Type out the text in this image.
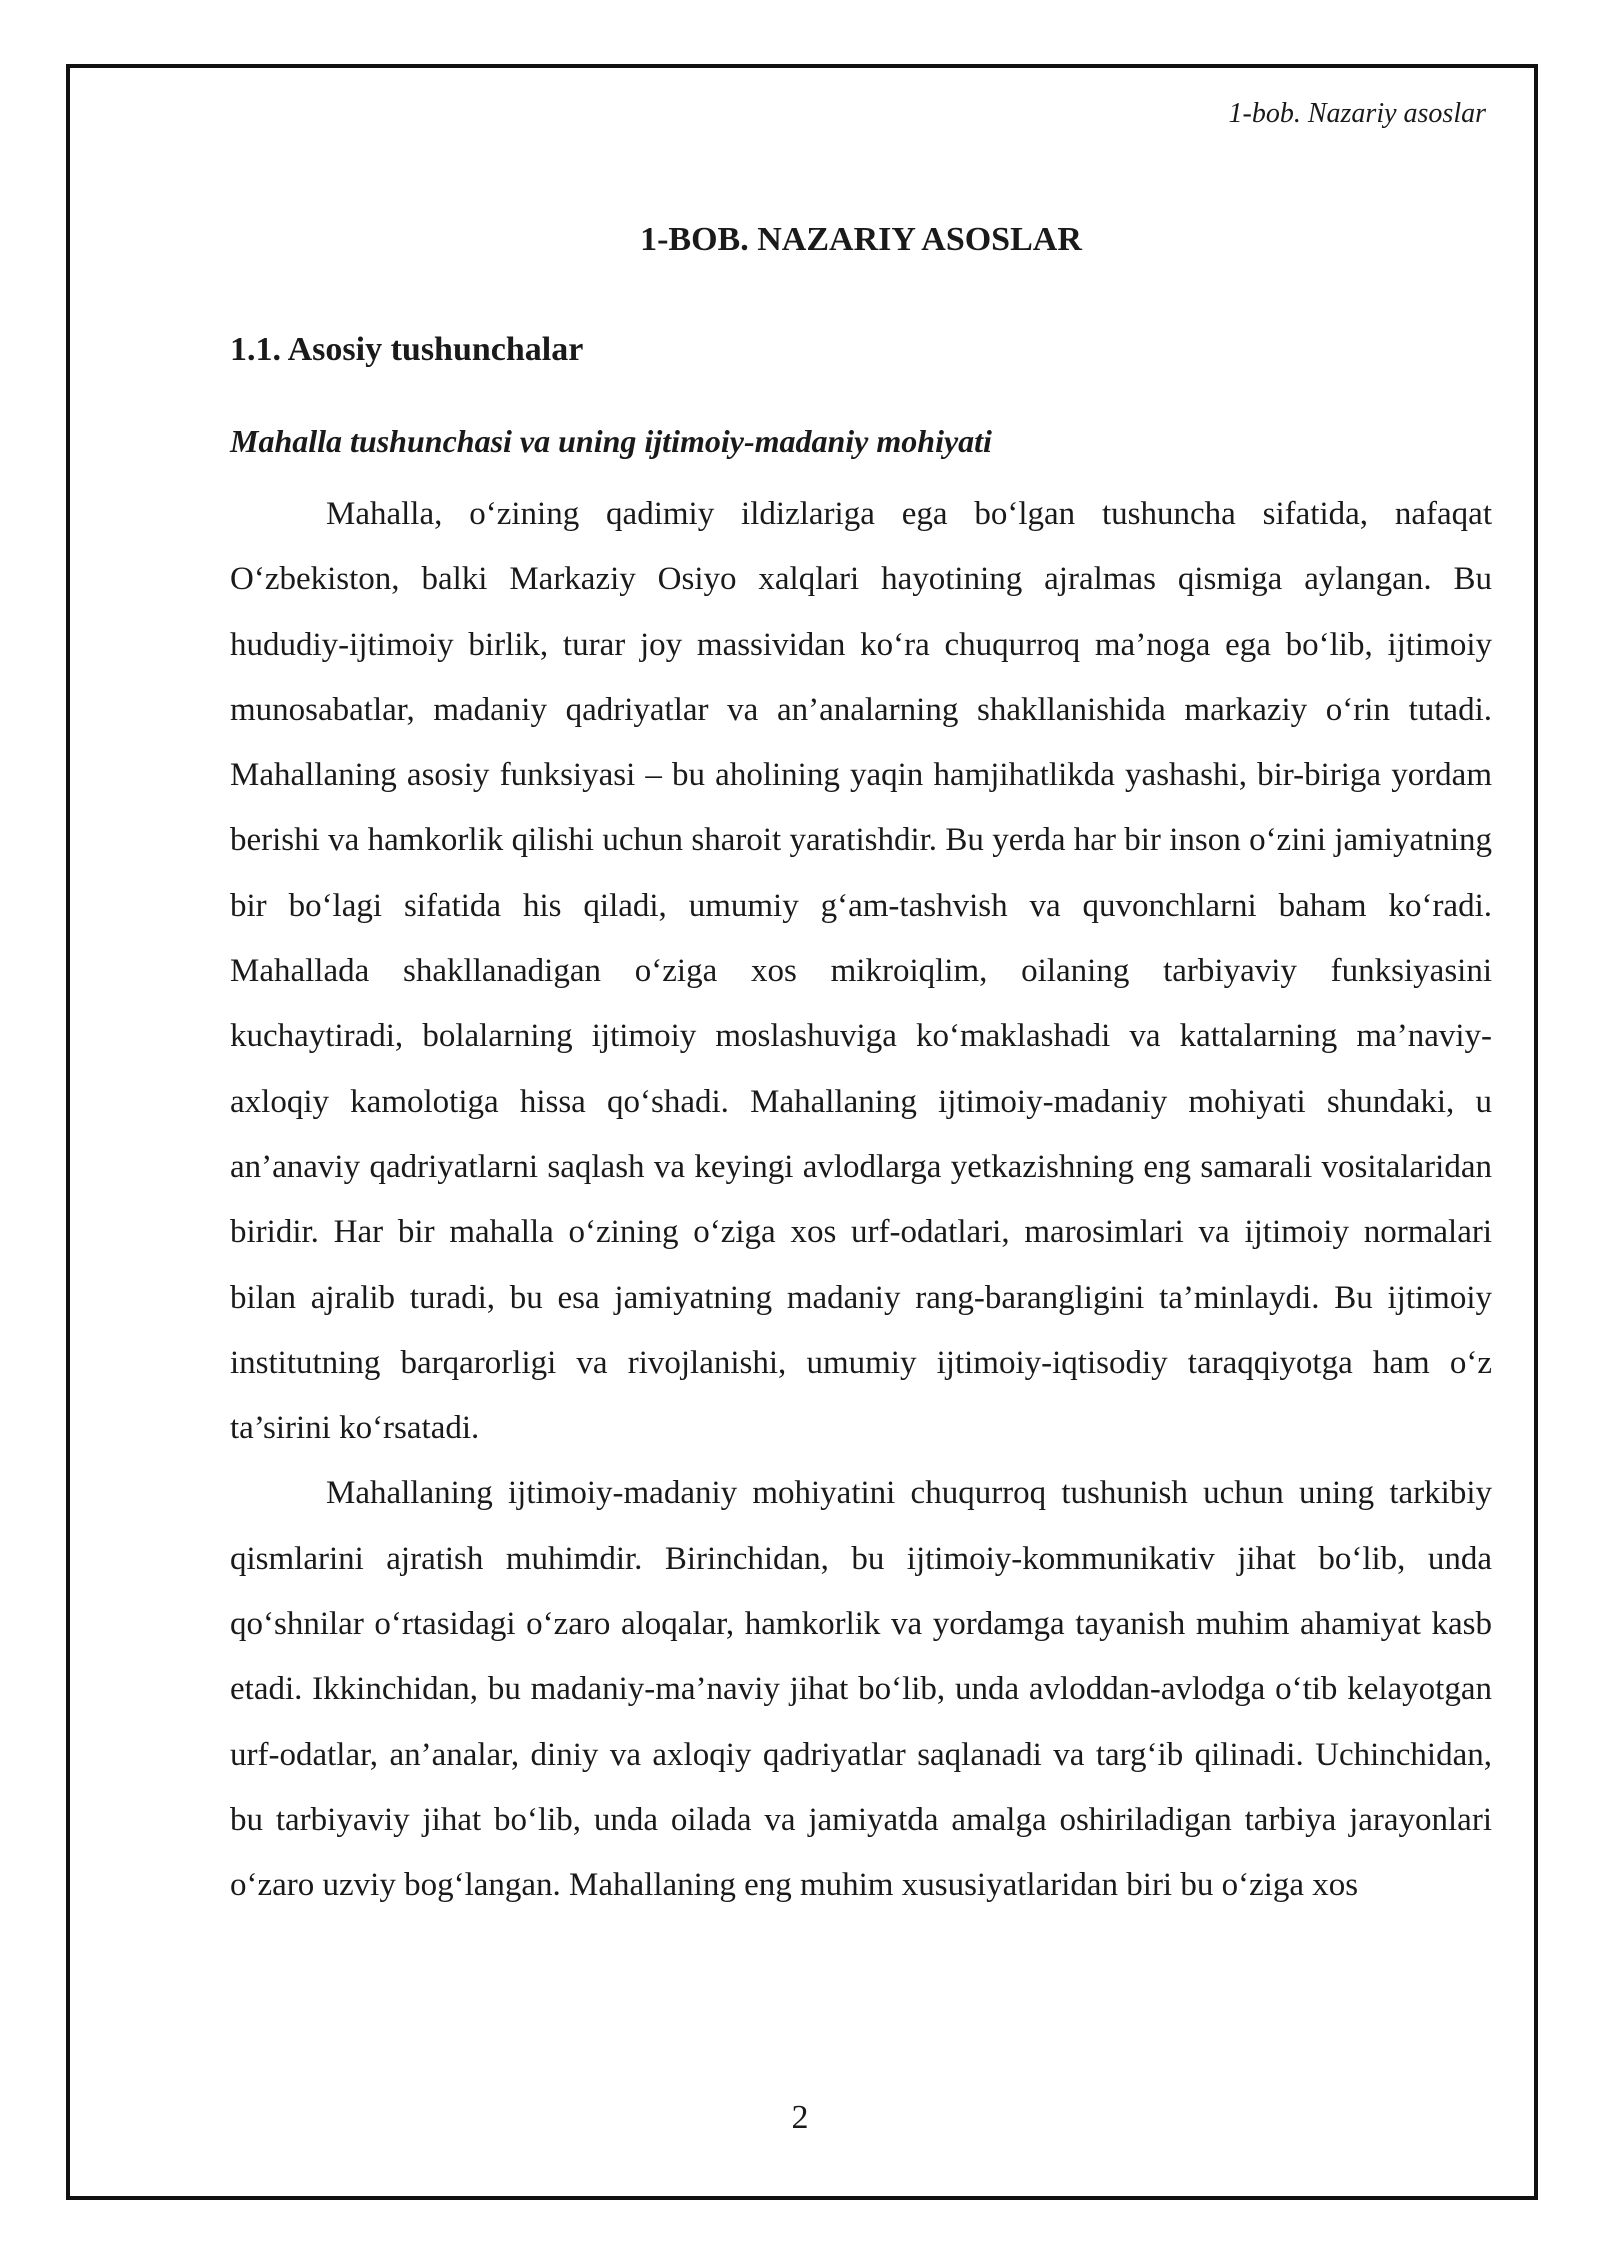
1-bob. Nazariy asoslar
1-BOB. NAZARIY ASOSLAR
1.1. Asosiy tushunchalar
Mahalla tushunchasi va uning ijtimoiy-madaniy mohiyati

Mahalla, o‘zining qadimiy ildizlariga ega bo‘lgan tushuncha sifatida, nafaqat O‘zbekiston, balki Markaziy Osiyo xalqlari hayotining ajralmas qismiga aylangan. Bu hududiy-ijtimoiy birlik, turar joy massividan ko‘ra chuqurroq ma’noga ega bo‘lib, ijtimoiy munosabatlar, madaniy qadriyatlar va an’analarning shakllanishida markaziy o‘rin tutadi. Mahallaning asosiy funksiyasi – bu aholining yaqin hamjihatlikda yashashi, bir-biriga yordam berishi va hamkorlik qilishi uchun sharoit yaratishdir. Bu yerda har bir inson o‘zini jamiyatning bir bo‘lagi sifatida his qiladi, umumiy g‘am-tashvish va quvonchlarni baham ko‘radi. Mahallada shakllanadigan o‘ziga xos mikroiqlim, oilaning tarbiyaviy funksiyasini kuchaytiradi, bolalarning ijtimoiy moslashuviga ko‘maklashadi va kattalarning ma’naviy-axloqiy kamolotiga hissa qo‘shadi. Mahallaning ijtimoiy-madaniy mohiyati shundaki, u an’anaviy qadriyatlarni saqlash va keyingi avlodlarga yetkazishning eng samarali vositalaridan biridir. Har bir mahalla o‘zining o‘ziga xos urf-odatlari, marosimlari va ijtimoiy normalari bilan ajralib turadi, bu esa jamiyatning madaniy rang-barangligini ta’minlaydi. Bu ijtimoiy institutning barqarorligi va rivojlanishi, umumiy ijtimoiy-iqtisodiy taraqqiyotga ham o‘z ta’sirini ko‘rsatadi.

Mahallaning ijtimoiy-madaniy mohiyatini chuqurroq tushunish uchun uning tarkibiy qismlarini ajratish muhimdir. Birinchidan, bu ijtimoiy-kommunikativ jihat bo‘lib, unda qo‘shnilar o‘rtasidagi o‘zaro aloqalar, hamkorlik va yordamga tayanish muhim ahamiyat kasb etadi. Ikkinchidan, bu madaniy-ma’naviy jihat bo‘lib, unda avloddan-avlodga o‘tib kelayotgan urf-odatlar, an’analar, diniy va axloqiy qadriyatlar saqlanadi va targ‘ib qilinadi. Uchinchidan, bu tarbiyaviy jihat bo‘lib, unda oilada va jamiyatda amalga oshiriladigan tarbiya jarayonlari o‘zaro uzviy bog‘langan. Mahallaning eng muhim xususiyatlaridan biri bu o‘ziga xos

2
